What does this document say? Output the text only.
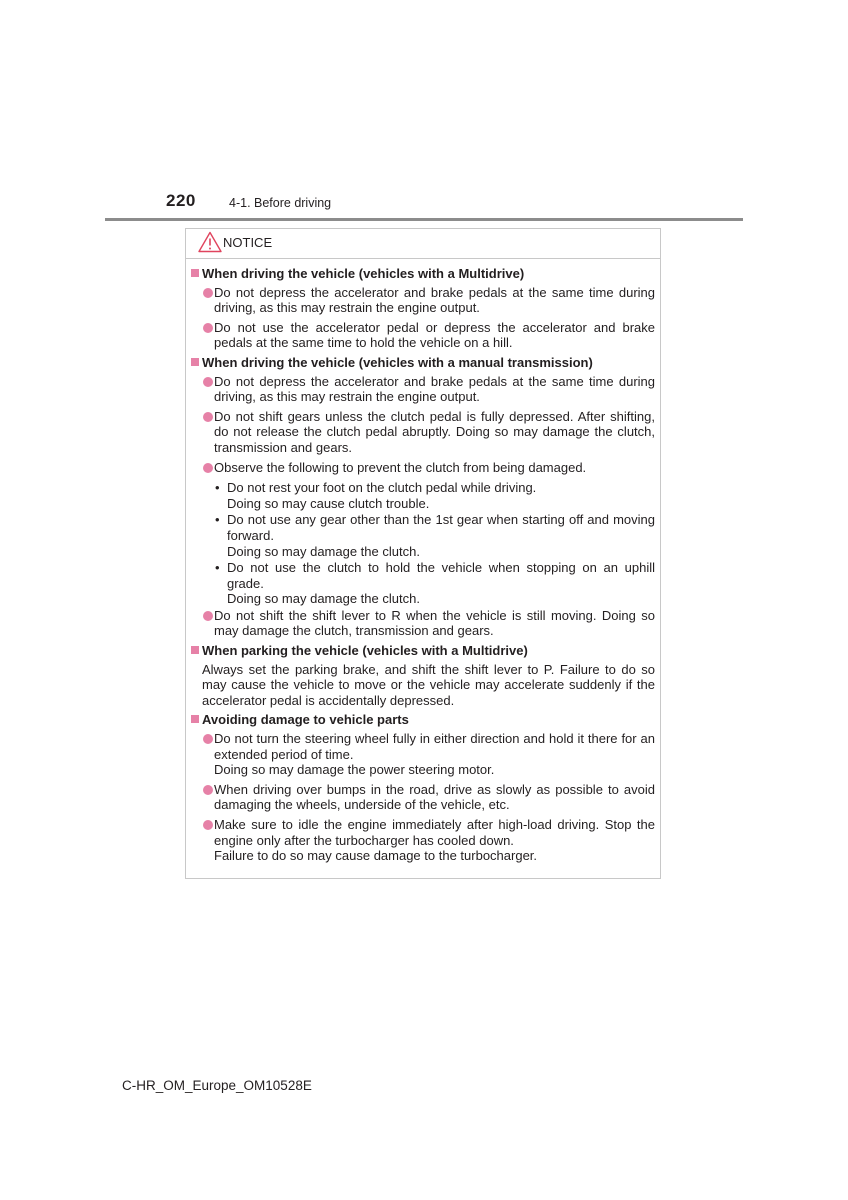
220	4-1. Before driving
NOTICE
When driving the vehicle (vehicles with a Multidrive)
Do not depress the accelerator and brake pedals at the same time during driving, as this may restrain the engine output.
Do not use the accelerator pedal or depress the accelerator and brake pedals at the same time to hold the vehicle on a hill.
When driving the vehicle (vehicles with a manual transmission)
Do not depress the accelerator and brake pedals at the same time during driving, as this may restrain the engine output.
Do not shift gears unless the clutch pedal is fully depressed. After shifting, do not release the clutch pedal abruptly. Doing so may damage the clutch, transmission and gears.
Observe the following to prevent the clutch from being damaged.
• Do not rest your foot on the clutch pedal while driving.
Doing so may cause clutch trouble.
• Do not use any gear other than the 1st gear when starting off and moving forward.
Doing so may damage the clutch.
• Do not use the clutch to hold the vehicle when stopping on an uphill grade.
Doing so may damage the clutch.
Do not shift the shift lever to R when the vehicle is still moving. Doing so may damage the clutch, transmission and gears.
When parking the vehicle (vehicles with a Multidrive)
Always set the parking brake, and shift the shift lever to P. Failure to do so may cause the vehicle to move or the vehicle may accelerate suddenly if the accelerator pedal is accidentally depressed.
Avoiding damage to vehicle parts
Do not turn the steering wheel fully in either direction and hold it there for an extended period of time.
Doing so may damage the power steering motor.
When driving over bumps in the road, drive as slowly as possible to avoid damaging the wheels, underside of the vehicle, etc.
Make sure to idle the engine immediately after high-load driving. Stop the engine only after the turbocharger has cooled down.
Failure to do so may cause damage to the turbocharger.
C-HR_OM_Europe_OM10528E
